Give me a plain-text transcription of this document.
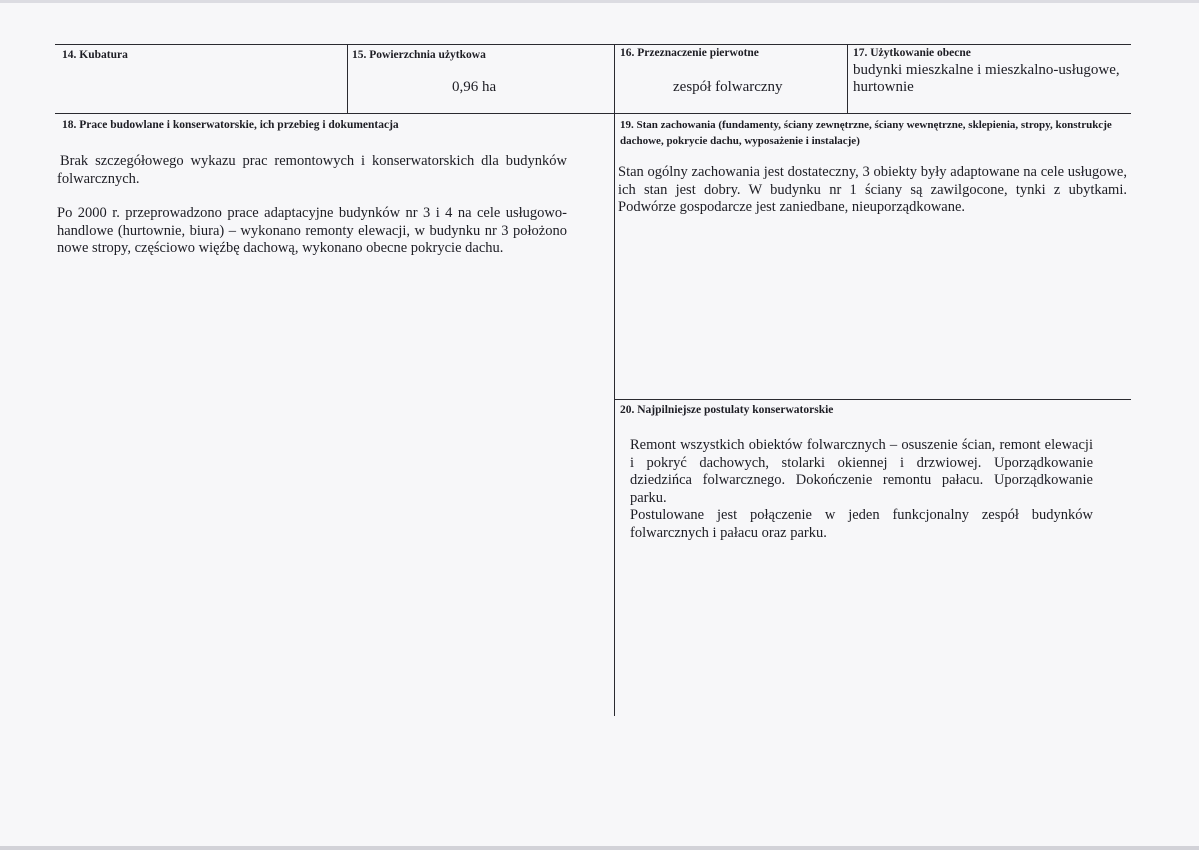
14. Kubatura	15. Powierzchnia użytkowa
0,96 ha
16. Przeznaczenie pierwotne
zespół folwarczny
17. Użytkowanie obecne
budynki mieszkalne i mieszkalno-usługowe, hurtownie
18. Prace budowlane i konserwatorskie, ich przebieg i dokumentacja

Brak szczegółowego wykazu prac remontowych i konserwatorskich dla budynków folwarcznych.

Po 2000 r. przeprowadzono prace adaptacyjne budynków nr 3 i 4 na cele usługowo-handlowe (hurtownie, biura) – wykonano remonty elewacji, w budynku nr 3 położono nowe stropy, częściowo więźbę dachową, wykonano obecne pokrycie dachu.

19. Stan zachowania (fundamenty, ściany zewnętrzne, ściany wewnętrzne, sklepienia, stropy, konstrukcje dachowe, pokrycie dachu, wyposażenie i instalacje)

Stan ogólny zachowania jest dostateczny, 3 obiekty były adaptowane na cele usługowe, ich stan jest dobry. W budynku nr 1 ściany są zawilgocone, tynki z ubytkami. Podwórze gospodarcze jest zaniedbane, nieuporządkowane.

20. Najpilniejsze postulaty konserwatorskie

Remont wszystkich obiektów folwarcznych – osuszenie ścian, remont elewacji i pokryć dachowych, stolarki okiennej i drzwiowej. Uporządkowanie dziedzińca folwarcznego. Dokończenie remontu pałacu. Uporządkowanie parku.

Postulowane jest połączenie w jeden funkcjonalny zespół budynków folwarcznych i pałacu oraz parku.
